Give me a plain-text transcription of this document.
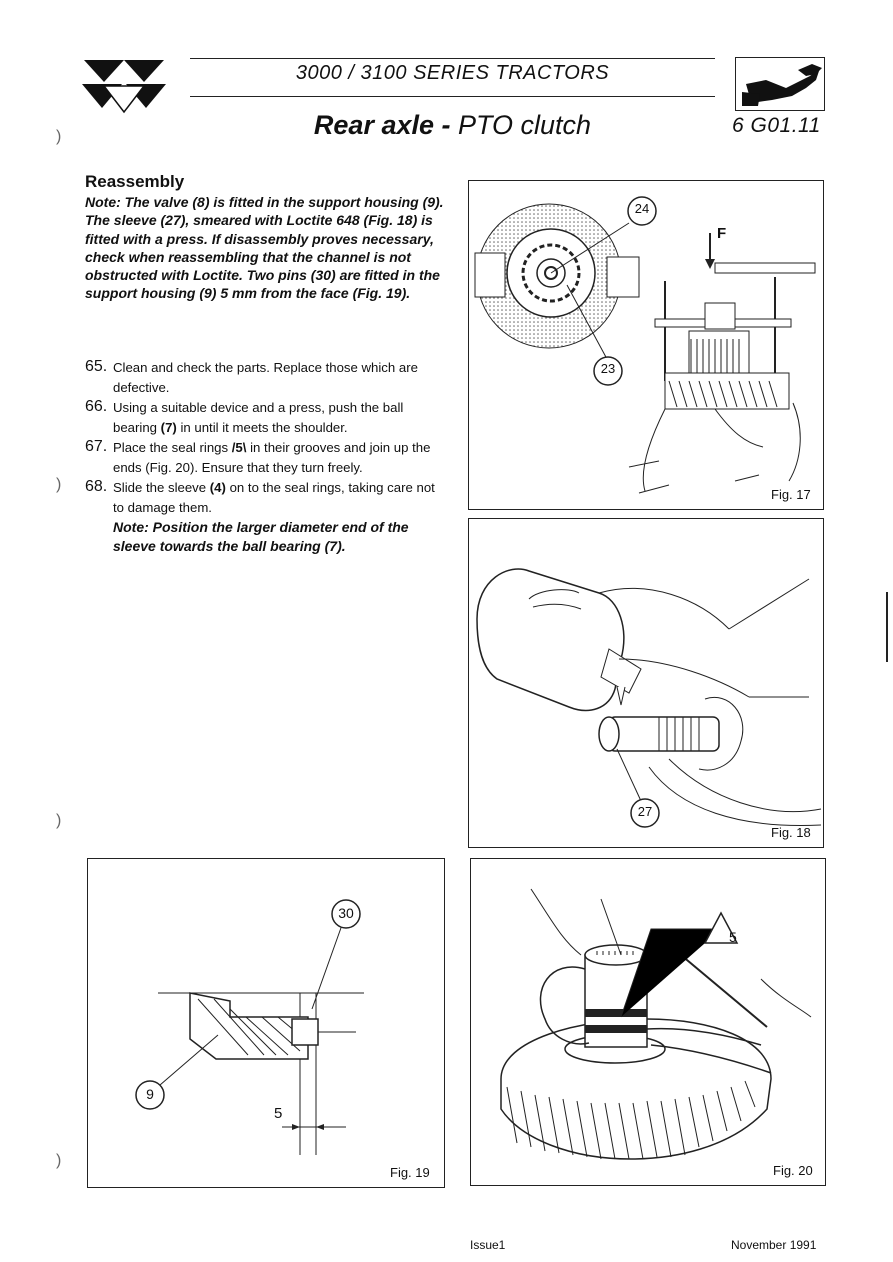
3000 / 3100 SERIES TRACTORS
Rear axle - PTO clutch	6 G01.11
Reassembly
Note: The valve (8) is fitted in the support housing (9). The sleeve (27), smeared with Loctite 648 (Fig. 18) is fitted with a press. If disassembly proves necessary, check when reassembling that the channel is not obstructed with Loctite. Two pins (30) are fitted in the support housing (9) 5 mm from the face (Fig. 19).
65. Clean and check the parts. Replace those which are defective.
66. Using a suitable device and a press, push the ball bearing (7) in until it meets the shoulder.
67. Place the seal rings /5\ in their grooves and join up the ends (Fig. 20). Ensure that they turn freely.
68. Slide the sleeve (4) on to the seal rings, taking care not to damage them.
Note: Position the larger diameter end of the sleeve towards the ball bearing (7).
24
23
F
Fig. 17
27
Fig. 18
30
9
5
Fig. 19
5
Fig. 20
Issue1	November 1991
)
)
)
)
